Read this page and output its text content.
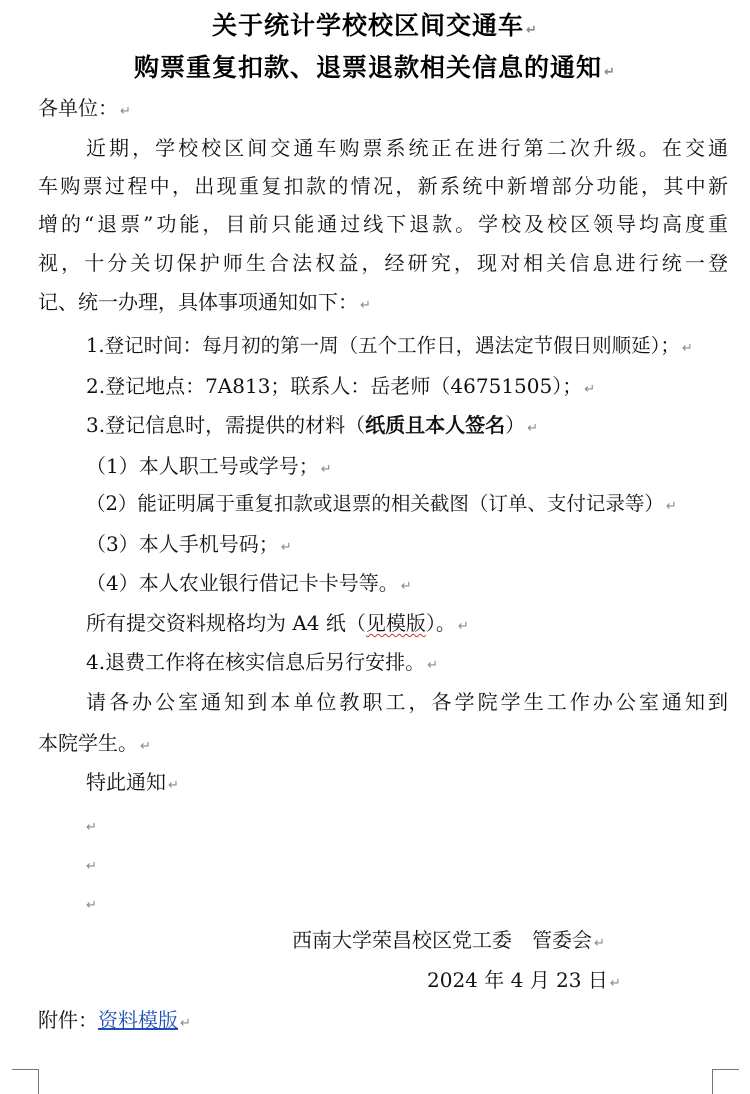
关于统计学校校区间交通车 ↵
购票重复扣款、退票退款相关信息的通知 ↵
各单位： ↵
近期，学校校区间交通车购票系统正在进行第二次升级。在交通
车购票过程中，出现重复扣款的情况，新系统中新增部分功能，其中新
增的“退票”功能，目前只能通过线下退款。学校及校区领导均高度重
视，十分关切保护师生合法权益，经研究，现对相关信息进行统一登
记、统一办理，具体事项通知如下： ↵
1.登记时间：每月初的第一周（五个工作日，遇法定节假日则顺延）； ↵
2.登记地点：7A813；联系人：岳老师（46751505）； ↵
3.登记信息时，需提供的材料（纸质且本人签名） ↵
（1）本人职工号或学号； ↵
（2）能证明属于重复扣款或退票的相关截图（订单、支付记录等） ↵
（3）本人手机号码； ↵
（4）本人农业银行借记卡卡号等。 ↵
所有提交资料规格均为 A4 纸（见模版）。 ↵
4.退费工作将在核实信息后另行安排。 ↵
请各办公室通知到本单位教职工，各学院学生工作办公室通知到
本院学生。 ↵
特此通知 ↵
↵
↵
↵
西南大学荣昌校区党工委　管委会 ↵
2024 年 4 月 23 日 ↵
附件：资料模版 ↵
